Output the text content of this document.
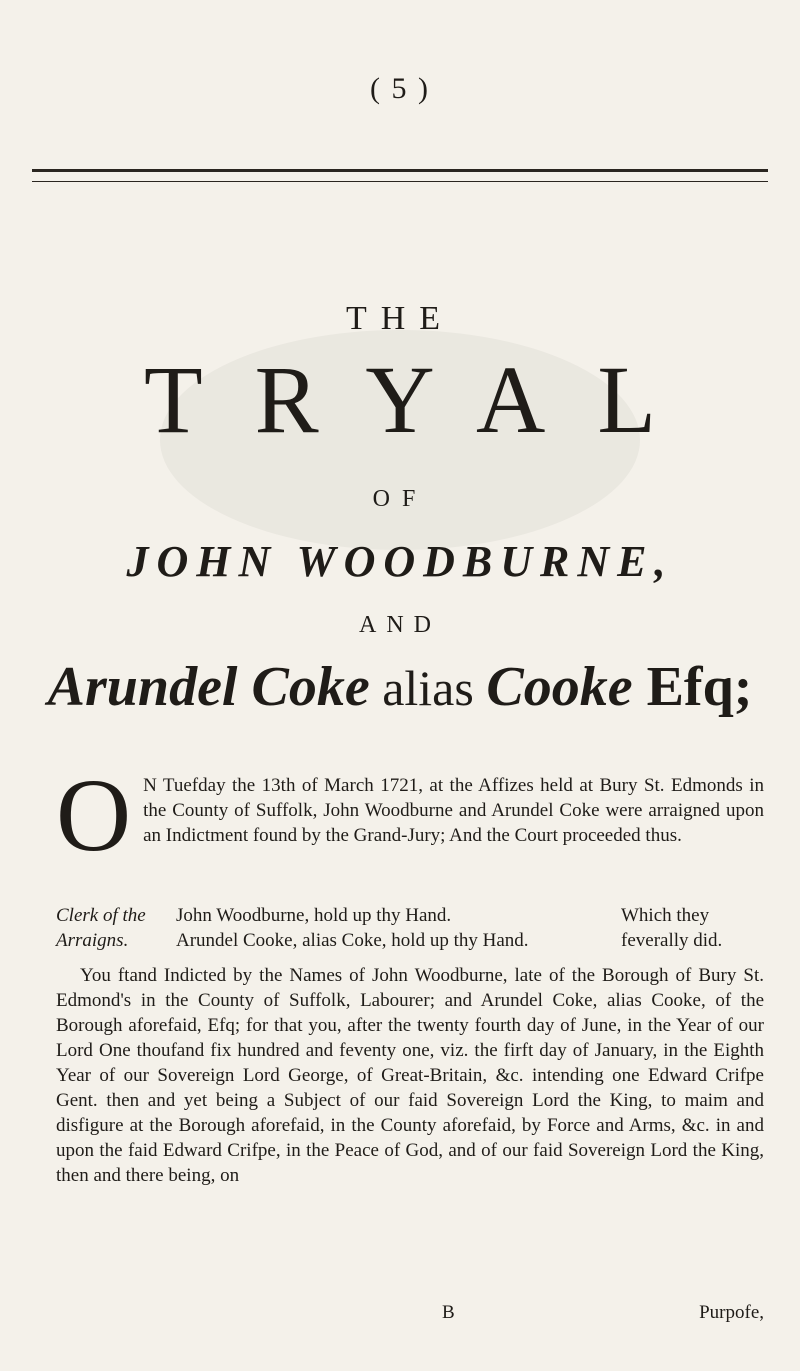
( 5 )
THE
TRYAL
OF
JOHN WOODBURNE,
AND
Arundel Coke alias Cooke Efq;
O N Tuefday the 13th of March 1721, at the Affizes held at Bury St. Edmonds in the County of Suffolk, John Woodburne and Arundel Coke were arraigned upon an Indictment found by the Grand-Jury; And the Court proceeded thus.
Clerk of the
Arraigns.
John Woodburne, hold up thy Hand.
Arundel Cooke, alias Coke, hold up thy Hand.
Which they
feverally did.
You ftand Indicted by the Names of John Woodburne, late of the Borough of Bury St. Edmond's in the County of Suffolk, Labourer; and Arundel Coke, alias Cooke, of the Borough aforefaid, Efq; for that you, after the twenty fourth day of June, in the Year of our Lord One thoufand fix hundred and feventy one, viz. the firft day of January, in the Eighth Year of our Sovereign Lord George, of Great-Britain, &c. intending one Edward Crifpe Gent. then and yet being a Subject of our faid Sovereign Lord the King, to maim and disfigure at the Borough aforefaid, in the County aforefaid, by Force and Arms, &c. in and upon the faid Edward Crifpe, in the Peace of God, and of our faid Sovereign Lord the King, then and there being, on
B	Purpofe,
